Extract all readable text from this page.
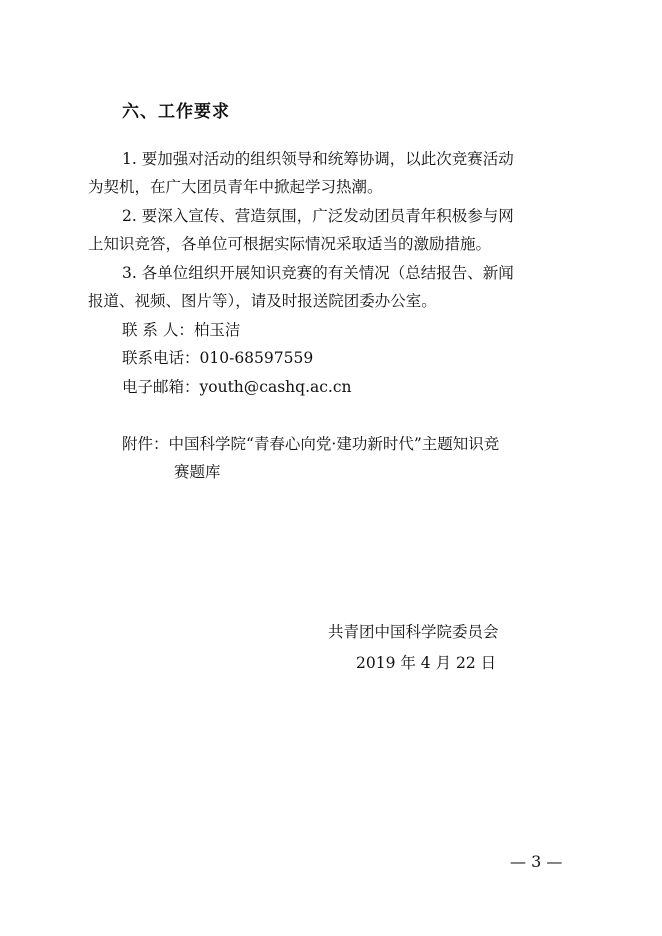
六、工作要求
1. 要加强对活动的组织领导和统筹协调，以此次竞赛活动
为契机，在广大团员青年中掀起学习热潮。
2. 要深入宣传、营造氛围，广泛发动团员青年积极参与网
上知识竞答，各单位可根据实际情况采取适当的激励措施。
3. 各单位组织开展知识竞赛的有关情况（总结报告、新闻
报道、视频、图片等），请及时报送院团委办公室。
联 系 人：柏玉洁
联系电话：010-68597559
电子邮箱：youth@cashq.ac.cn
附件：中国科学院“青春心向党·建功新时代”主题知识竞
赛题库
共青团中国科学院委员会
2019 年 4 月 22 日
— 3 —
